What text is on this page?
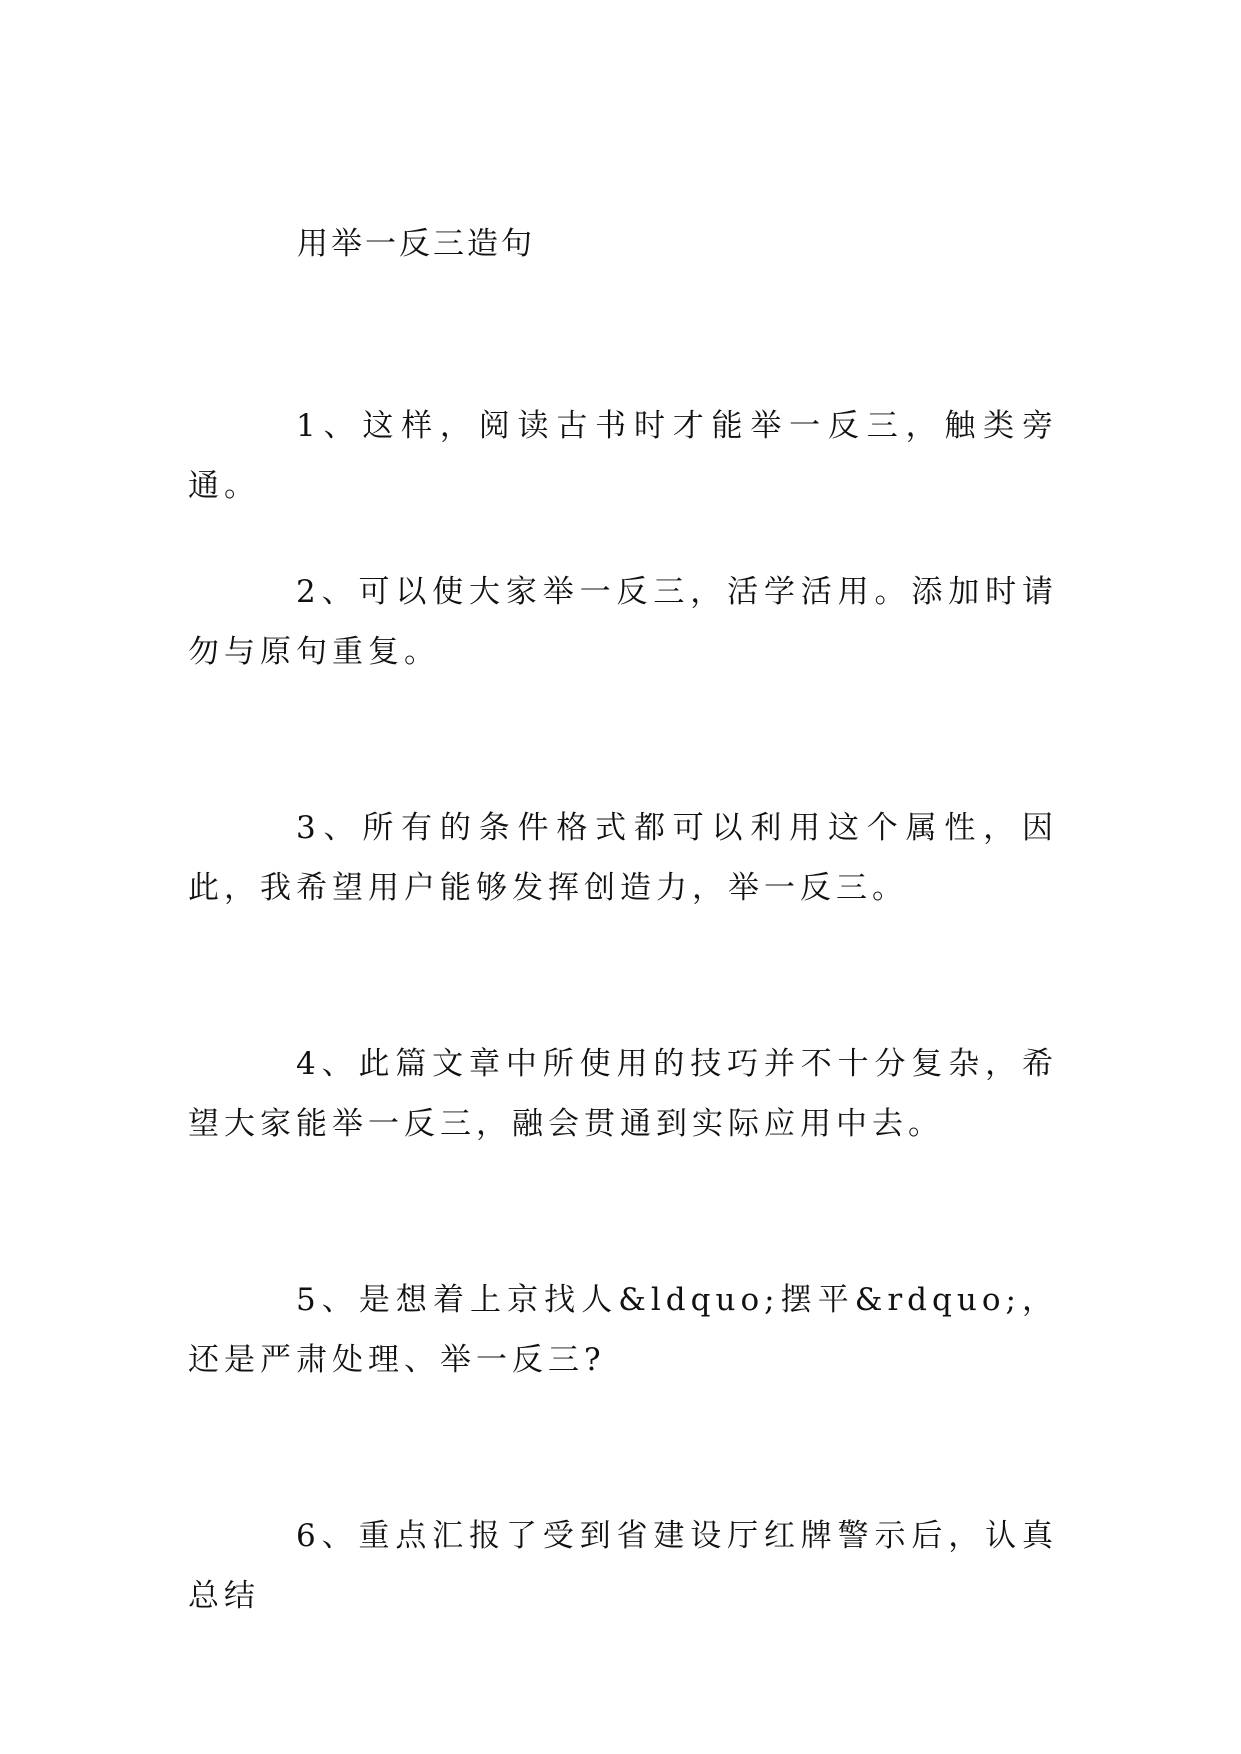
用举一反三造句

1、这样，阅读古书时才能举一反三，触类旁通。

2、可以使大家举一反三，活学活用。添加时请勿与原句重复。

3、所有的条件格式都可以利用这个属性，因此，我希望用户能够发挥创造力，举一反三。

4、此篇文章中所使用的技巧并不十分复杂，希望大家能举一反三，融会贯通到实际应用中去。

5、是想着上京找人&ldquo;摆平&rdquo;，还是严肃处理、举一反三?

6、重点汇报了受到省建设厅红牌警示后，认真总结
